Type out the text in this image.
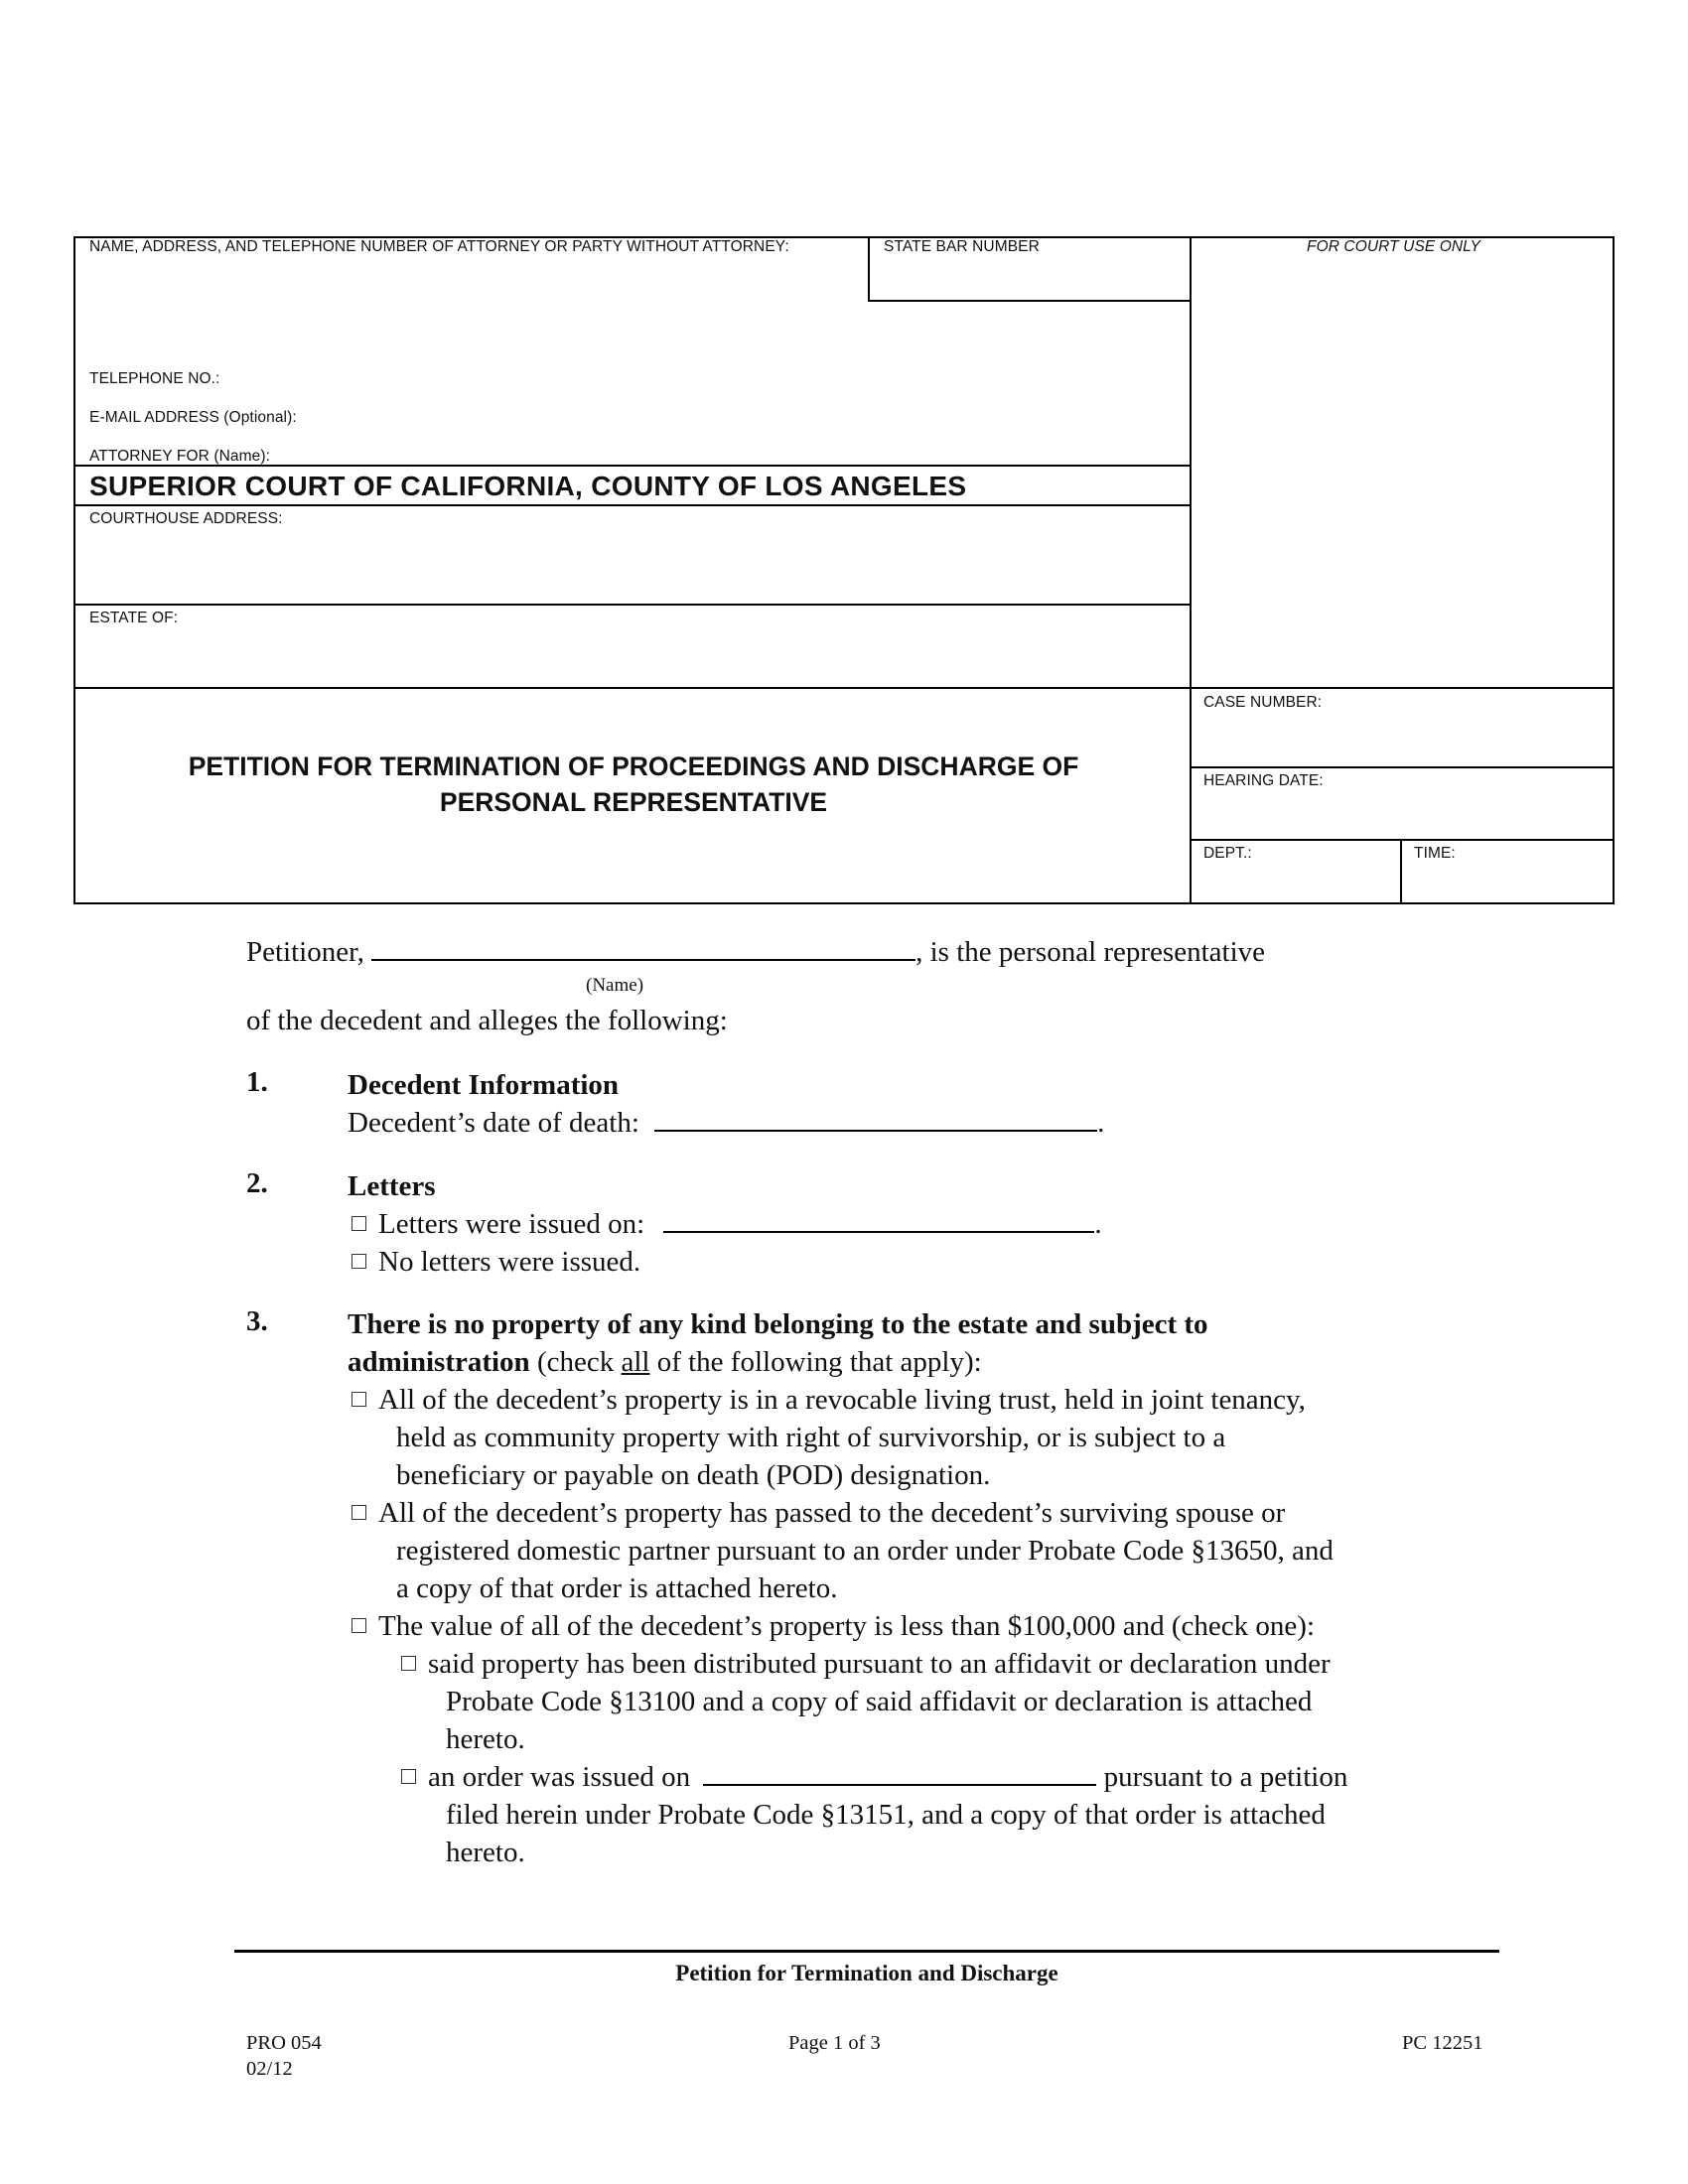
NAME, ADDRESS, AND TELEPHONE NUMBER OF ATTORNEY OR PARTY WITHOUT ATTORNEY:	STATE BAR NUMBER	FOR COURT USE ONLY
TELEPHONE NO.:
E-MAIL ADDRESS (Optional):
ATTORNEY FOR (Name):
SUPERIOR COURT OF CALIFORNIA, COUNTY OF LOS ANGELES
COURTHOUSE ADDRESS:
ESTATE OF:
PETITION FOR TERMINATION OF PROCEEDINGS AND DISCHARGE OF
PERSONAL REPRESENTATIVE
CASE NUMBER:
HEARING DATE:
DEPT.:	TIME:
Petitioner,	, is the personal representative
(Name)
of the decedent and alleges the following:
1.	Decedent Information
Decedent’s date of death:	.
2.	Letters
Letters were issued on:	.
No letters were issued.
3.	There is no property of any kind belonging to the estate and subject to
administration (check all of the following that apply):
All of the decedent’s property is in a revocable living trust, held in joint tenancy,
held as community property with right of survivorship, or is subject to a
beneficiary or payable on death (POD) designation.
All of the decedent’s property has passed to the decedent’s surviving spouse or
registered domestic partner pursuant to an order under Probate Code §13650, and
a copy of that order is attached hereto.
The value of all of the decedent’s property is less than $100,000 and (check one):
said property has been distributed pursuant to an affidavit or declaration under
Probate Code §13100 and a copy of said affidavit or declaration is attached
hereto.
an order was issued on	pursuant to a petition
filed herein under Probate Code §13151, and a copy of that order is attached
hereto.
Petition for Termination and Discharge
PRO 054
02/12
Page 1 of 3	PC 12251
